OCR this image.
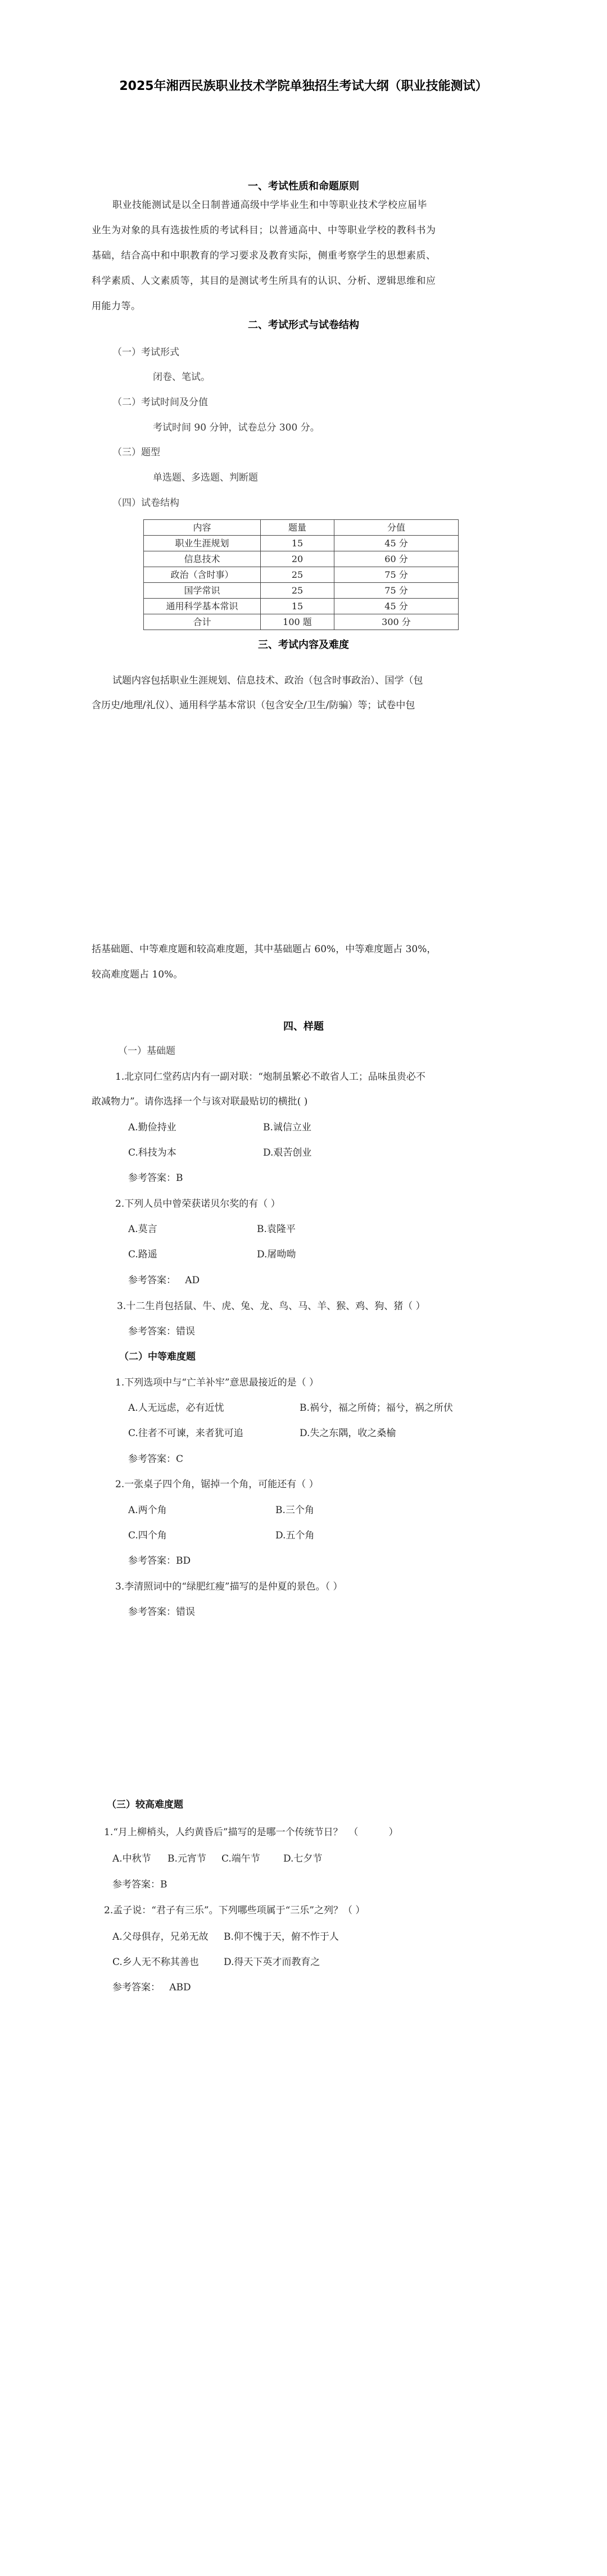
2025年湘西民族职业技术学院单独招生考试大纲（职业技能测试）
一、考试性质和命题原则
职业技能测试是以全日制普通高级中学毕业生和中等职业技术学校应届毕
业生为对象的具有选拔性质的考试科目；以普通高中、中等职业学校的教科书为
基础，结合高中和中职教育的学习要求及教育实际，侧重考察学生的思想素质、
科学素质、人文素质等，其目的是测试考生所具有的认识、分析、逻辑思维和应
用能力等。
二、考试形式与试卷结构
（一）考试形式
闭卷、笔试。
（二）考试时间及分值
考试时间 90 分钟，试卷总分 300 分。
（三）题型
单选题、多选题、判断题
（四）试卷结构
内容	题量	分值
职业生涯规划	15	45 分
信息技术	20	60 分
政治（含时事）	25	75 分
国学常识	25	75 分
通用科学基本常识	15	45 分
合计	100 题	300 分
三、考试内容及难度
试题内容包括职业生涯规划、信息技术、政治（包含时事政治）、国学（包
含历史/地理/礼仪）、通用科学基本常识（包含安全/卫生/防骗）等；试卷中包
括基础题、中等难度题和较高难度题，其中基础题占 60%，中等难度题占 30%，
较高难度题占 10%。
四、样题
（一）基础题
1.北京同仁堂药店内有一副对联：“炮制虽繁必不敢省人工；品味虽贵必不
敢减物力”。请你选择一个与该对联最贴切的横批( )
A.勤俭持业	B.诚信立业
C.科技为本	D.艰苦创业
参考答案：B
2.下列人员中曾荣获诺贝尔奖的有（ ）
A.莫言	B.袁隆平
C.路遥	D.屠呦呦
参考答案：   AD
3.十二生肖包括鼠、牛、虎、兔、龙、鸟、马、羊、猴、鸡、狗、猪（ ）
参考答案：错误
（二）中等难度题
1.下列选项中与“亡羊补牢”意思最接近的是（ ）
A.人无远虑，必有近忧	B.祸兮，福之所倚；福兮，祸之所伏
C.往者不可谏，来者犹可追	D.失之东隅，收之桑榆
参考答案：C
2.一张桌子四个角，锯掉一个角，可能还有（ ）
A.两个角	B.三个角
C.四个角	D.五个角
参考答案：BD
3.李清照词中的“绿肥红瘦”描写的是仲夏的景色。（ ）
参考答案：错误
（三）较高难度题
1.“月上柳梢头，人约黄昏后”描写的是哪一个传统节日？  （          ）
A.中秋节 B.元宵节 C.端午节 D.七夕节
参考答案：B
2.孟子说：“君子有三乐”。下列哪些项属于“三乐”之列？（ ）
A.父母俱存，兄弟无故 B.仰不愧于天，俯不怍于人
C.乡人无不称其善也	D.得天下英才而教育之
参考答案：   ABD
